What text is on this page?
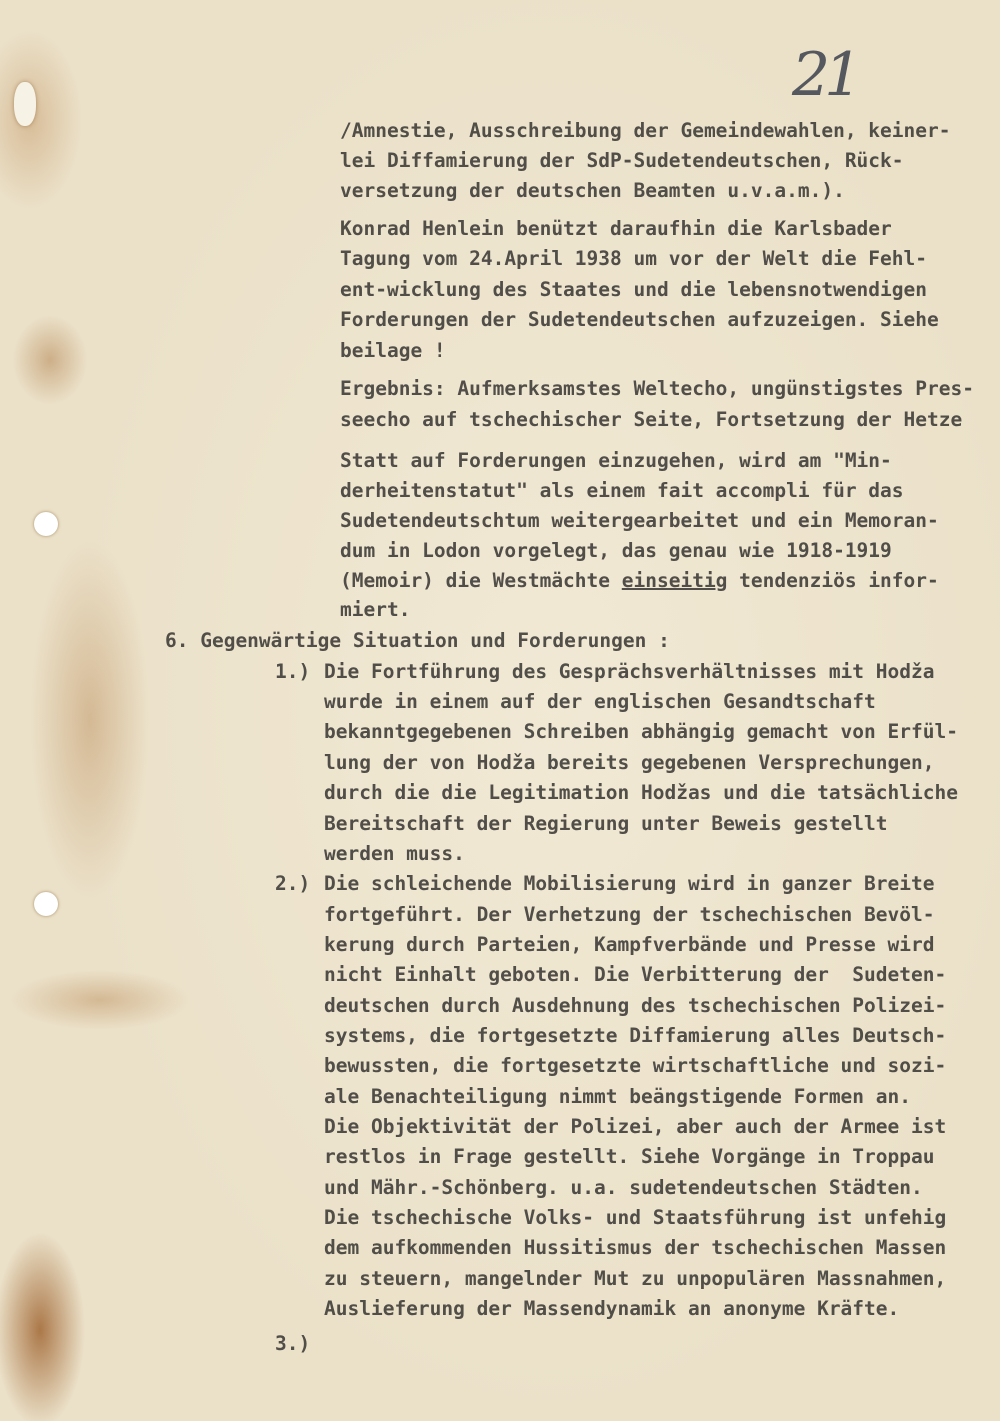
21

/Amnestie, Ausschreibung der Gemeindewahlen, keiner-

lei Diffamierung der SdP-Sudetendeutschen, Rück-

versetzung der deutschen Beamten u.v.a.m.).

Konrad Henlein benützt daraufhin die Karlsbader

Tagung vom 24.April 1938 um vor der Welt die Fehl-

ent-wicklung des Staates und die lebensnotwendigen

Forderungen der Sudetendeutschen aufzuzeigen. Siehe

beilage !

Ergebnis: Aufmerksamstes Weltecho, ungünstigstes Pres-

seecho auf tschechischer Seite, Fortsetzung der Hetze

Statt auf Forderungen einzugehen, wird am "Min-

derheitenstatut" als einem fait accompli für das

Sudetendeutschtum weitergearbeitet und ein Memoran-

dum in Lodon vorgelegt, das genau wie 1918-1919

(Memoir) die Westmächte einseitig tendenziös infor-

miert.

6. Gegenwärtige Situation und Forderungen :

1.) Die Fortführung des Gesprächsverhältnisses mit Hodža

wurde in einem auf der englischen Gesandtschaft

bekanntgegebenen Schreiben abhängig gemacht von Erfül-

lung der von Hodža bereits gegebenen Versprechungen,

durch die die Legitimation Hodžas und die tatsächliche

Bereitschaft der Regierung unter Beweis gestellt

werden muss.

2.) Die schleichende Mobilisierung wird in ganzer Breite

fortgeführt. Der Verhetzung der tschechischen Bevöl-

kerung durch Parteien, Kampfverbände und Presse wird

nicht Einhalt geboten. Die Verbitterung der  Sudeten-

deutschen durch Ausdehnung des tschechischen Polizei-

systems, die fortgesetzte Diffamierung alles Deutsch-

bewussten, die fortgesetzte wirtschaftliche und sozi-

ale Benachteiligung nimmt beängstigende Formen an.

Die Objektivität der Polizei, aber auch der Armee ist

restlos in Frage gestellt. Siehe Vorgänge in Troppau

und Mähr.-Schönberg. u.a. sudetendeutschen Städten.

Die tschechische Volks- und Staatsführung ist unfehig

dem aufkommenden Hussitismus der tschechischen Massen

zu steuern, mangelnder Mut zu unpopulären Massnahmen,

Auslieferung der Massendynamik an anonyme Kräfte.

3.)
